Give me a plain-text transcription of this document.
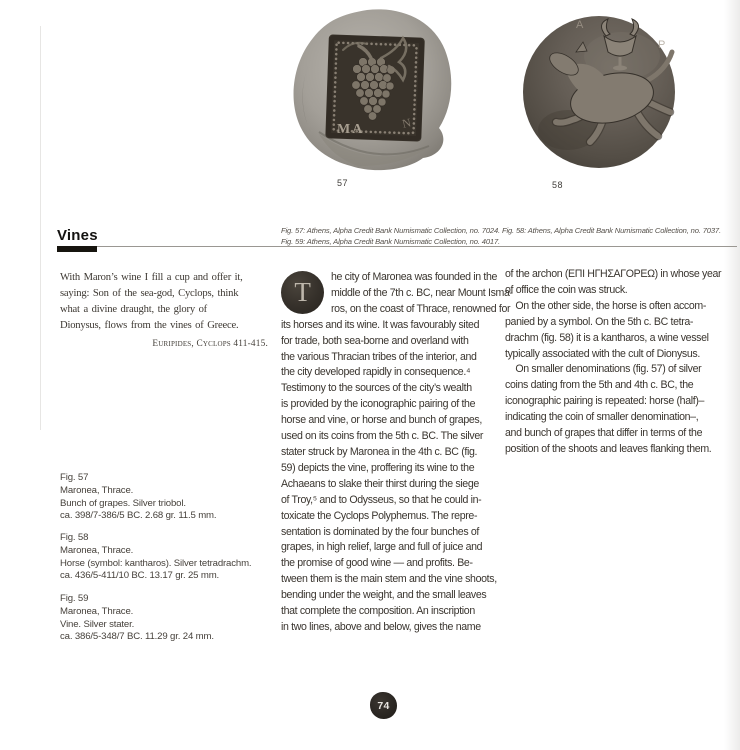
MA	N
57
Α
Ρ
58
Fig. 57: Athens, Alpha Credit Bank Numismatic Collection, no. 7024. Fig. 58: Athens, Alpha Credit Bank Numismatic Collection, no. 7037.
Fig. 59: Athens, Alpha Credit Bank Numismatic Collection, no. 4017.
Vines
With Maron’s wine I fill a cup and offer it,
saying: Son of the sea-god, Cyclops, think
what a divine draught, the glory of
Dionysus, flows from the vines of Greece.
Euripides, Cyclops 411-415.
Fig. 57
Maronea, Thrace.
Bunch of grapes. Silver triobol.
ca. 398/7-386/5 BC. 2.68 gr. 11.5 mm.
Fig. 58
Maronea, Thrace.
Horse (symbol: kantharos). Silver tetradrachm.
ca. 436/5-411/10 BC. 13.17 gr. 25 mm.
Fig. 59
Maronea, Thrace.
Vine. Silver stater.
ca. 386/5-348/7 BC. 11.29 gr. 24 mm.
T	he city of Maronea was founded in the
middle of the 7th c. BC, near Mount Isma-
ros, on the coast of Thrace, renowned for
its horses and its wine. It was favourably sited
for trade, both sea-borne and overland with
the various Thracian tribes of the interior, and
the city developed rapidly in consequence.⁴
Testimony to the sources of the city’s wealth
is provided by the iconographic pairing of the
horse and vine, or horse and bunch of grapes,
used on its coins from the 5th c. BC. The silver
stater struck by Maronea in the 4th c. BC (fig.
59) depicts the vine, proffering its wine to the
Achaeans to slake their thirst during the siege
of Troy,⁵ and to Odysseus, so that he could in-
toxicate the Cyclops Polyphemus. The repre-
sentation is dominated by the four bunches of
grapes, in high relief, large and full of juice and
the promise of good wine — and profits. Be-
tween them is the main stem and the vine shoots,
bending under the weight, and the small leaves
that complete the composition. An inscription
in two lines, above and below, gives the name
of the archon (ΕΠΙ ΗΓΗΣΑΓΟΡΕΩ) in whose year
of office the coin was struck.
On the other side, the horse is often accom-
panied by a symbol. On the 5th c. BC tetra-
drachm (fig. 58) it is a kantharos, a wine vessel
typically associated with the cult of Dionysus.
On smaller denominations (fig. 57) of silver
coins dating from the 5th and 4th c. BC, the
iconographic pairing is repeated: horse (half)–
indicating the coin of smaller denomination–,
and bunch of grapes that differ in terms of the
position of the shoots and leaves flanking them.
74
